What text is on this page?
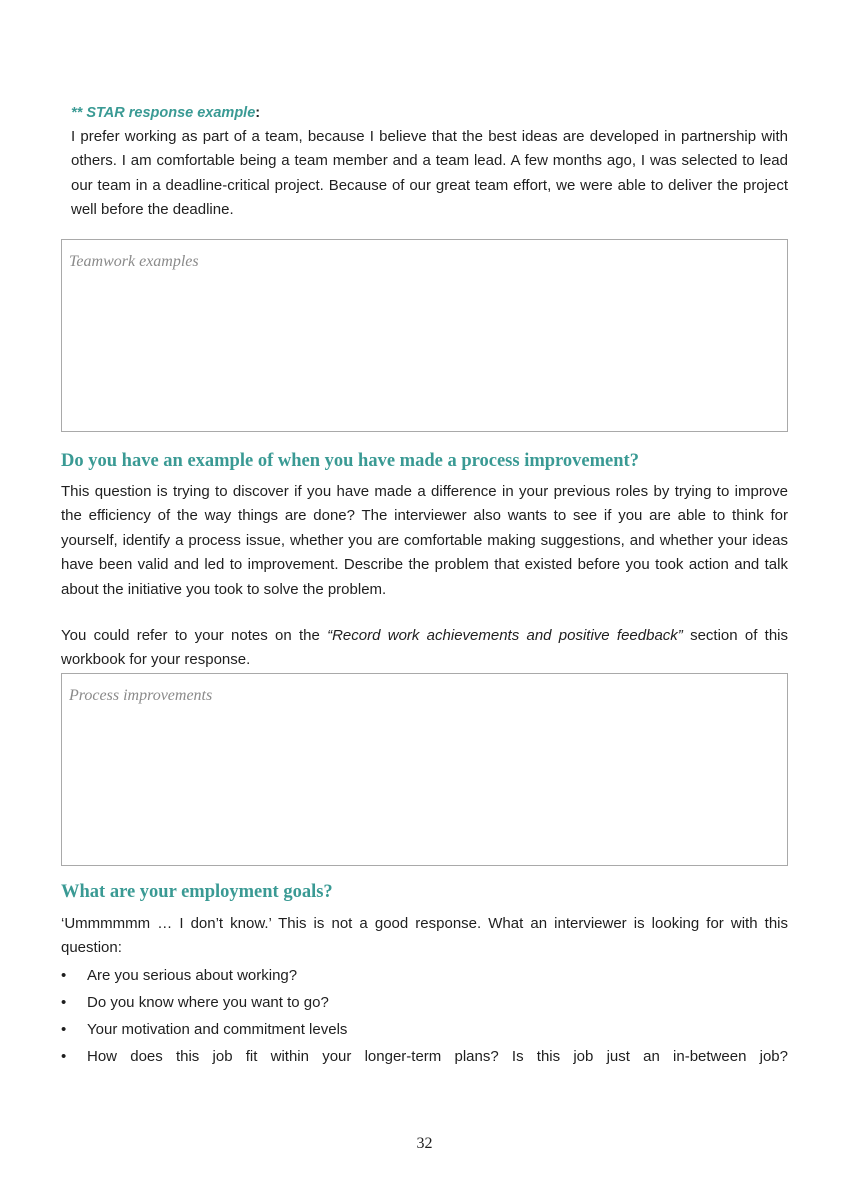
** STAR response example:

I prefer working as part of a team, because I believe that the best ideas are developed in partnership with others. I am comfortable being a team member and a team lead. A few months ago, I was selected to lead our team in a deadline-critical project. Because of our great team effort, we were able to deliver the project well before the deadline.

Teamwork examples
Do you have an example of when you have made a process improvement?

This question is trying to discover if you have made a difference in your previous roles by trying to improve the efficiency of the way things are done? The interviewer also wants to see if you are able to think for yourself, identify a process issue, whether you are comfortable making suggestions, and whether your ideas have been valid and led to improvement. Describe the problem that existed before you took action and talk about the initiative you took to solve the problem.

You could refer to your notes on the “Record work achievements and positive feedback” section of this workbook for your response.

Process improvements
What are your employment goals?

‘Ummmmmm … I don’t know.’ This is not a good response. What an interviewer is looking for with this question:

• Are you serious about working?
• Do you know where you want to go?
• Your motivation and commitment levels
• How does this job fit within your longer-term plans? Is this job just an in-between job?
32
